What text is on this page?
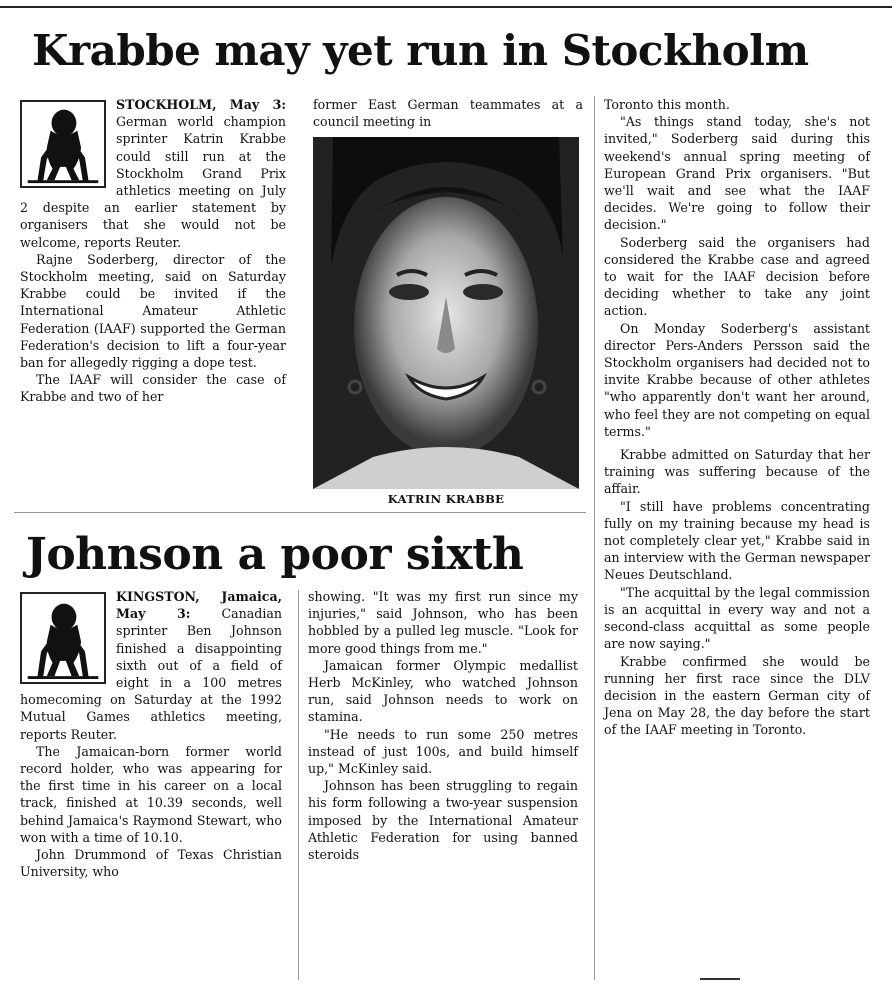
Krabbe may yet run in Stockholm

STOCKHOLM, May 3: German world champion sprinter Katrin Krabbe could still run at the Stockholm Grand Prix athletics meeting on July 2 despite an earlier statement by organisers that she would not be welcome, reports Reuter.

Rajne Soderberg, director of the Stockholm meeting, said on Saturday Krabbe could be invited if the International Amateur Athletic Federation (IAAF) supported the German Federation's decision to lift a four-year ban for allegedly rigging a dope test.

The IAAF will consider the case of Krabbe and two of her

former East German teammates at a council meeting in

KATRIN KRABBE

Toronto this month.

"As things stand today, she's not invited," Soderberg said during this weekend's annual spring meeting of European Grand Prix organisers. "But we'll wait and see what the IAAF decides. We're going to follow their decision."

Soderberg said the organisers had considered the Krabbe case and agreed to wait for the IAAF decision before deciding whether to take any joint action.

On Monday Soderberg's assistant director Pers-Anders Persson said the Stockholm organisers had decided not to invite Krabbe because of other athletes "who apparently don't want her around, who feel they are not competing on equal terms."

Krabbe admitted on Saturday that her training was suffering because of the affair.

"I still have problems concentrating fully on my training because my head is not completely clear yet," Krabbe said in an interview with the German newspaper Neues Deutschland.

"The acquittal by the legal commission is an acquittal in every way and not a second-class acquittal as some people are now saying."

Krabbe confirmed she would be running her first race since the DLV decision in the eastern German city of Jena on May 28, the day before the start of the IAAF meeting in Toronto.

Johnson a poor sixth

KINGSTON, Jamaica, May 3: Canadian sprinter Ben Johnson finished a disappointing sixth out of a field of eight in a 100 metres homecoming on Saturday at the 1992 Mutual Games athletics meeting, reports Reuter.

The Jamaican-born former world record holder, who was appearing for the first time in his career on a local track, finished at 10.39 seconds, well behind Jamaica's Raymond Stewart, who won with a time of 10.10.

John Drummond of Texas Christian University, who

showing. "It was my first run since my injuries," said Johnson, who has been hobbled by a pulled leg muscle. "Look for more good things from me."

Jamaican former Olympic medallist Herb McKinley, who watched Johnson run, said Johnson needs to work on stamina.

"He needs to run some 250 metres instead of just 100s, and build himself up," McKinley said.

Johnson has been struggling to regain his form following a two-year suspension imposed by the International Amateur Athletic Federation for using banned steroids
